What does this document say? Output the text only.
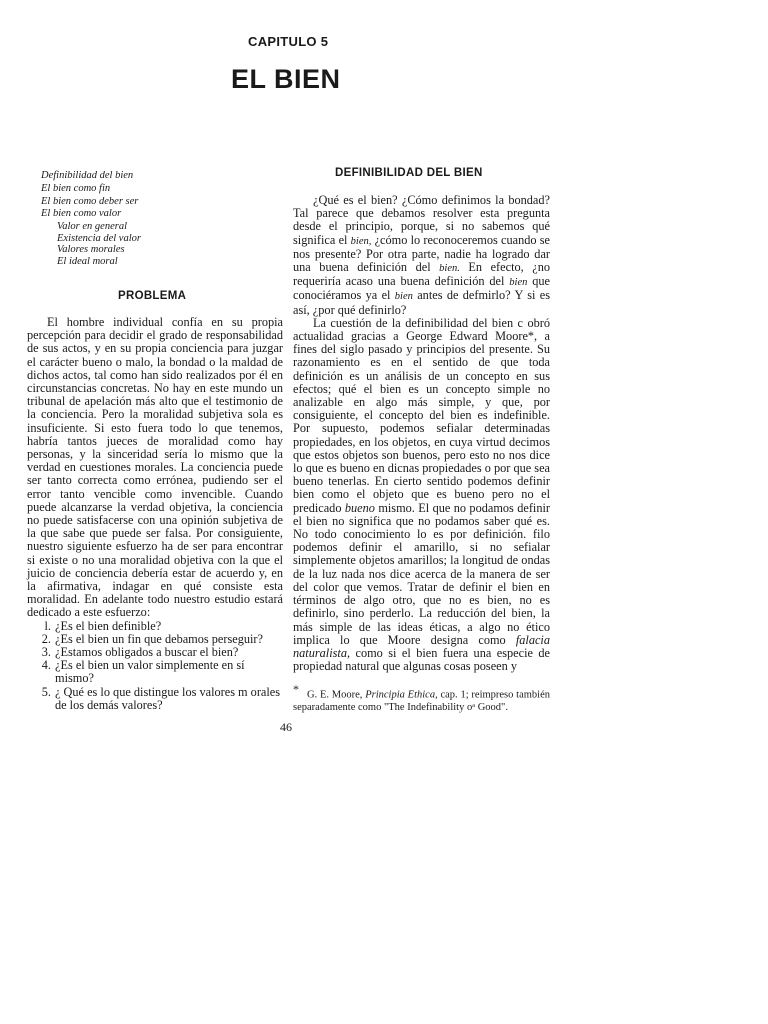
CAPITULO 5
EL BIEN
Definibilidad del bien
El bien como fin
El bien como deber ser
El bien como valor
Valor en general
Existencia del valor
Valores morales
El ideal moral
PROBLEMA

El hombre individual confía en su propia percepción para decidir el grado de responsabilidad de sus actos, y en su propia conciencia para juzgar el carácter bueno o malo, la bondad o la maldad de dichos actos, tal como han sido realizados por él en circunstancias concretas. No hay en este mundo un tribunal de apelación más alto que el testimonio de la conciencia. Pero la moralidad subjetiva sola es insuficiente. Si esto fuera todo lo que tenemos, habría tantos jueces de moralidad como hay personas, y la sinceridad sería lo mismo que la verdad en cuestiones morales. La conciencia puede ser tanto correcta como errónea, pudiendo ser el error tanto vencible como invencible. Cuando puede alcanzarse la verdad objetiva, la conciencia no puede satisfacerse con una opinión subjetiva de la que sabe que puede ser falsa. Por consiguiente, nuestro siguiente esfuerzo ha de ser para encontrar si existe o no una moralidad objetiva con la que el juicio de conciencia debería estar de acuerdo y, en la afirmativa, indagar en qué consiste esta moralidad. En adelante todo nuestro estudio estará dedicado a este esfuerzo:

l. ¿Es el bien definible?
2. ¿Es el bien un fin que debamos perseguir?
3. ¿Estamos obligados a buscar el bien?
4. ¿Es el bien un valor simplemente en sí mismo?
5. ¿ Qué es lo que distingue los valores m orales de los demás valores?
DEFINIBILIDAD DEL BIEN

¿Qué es el bien? ¿Cómo definimos la bondad? Tal parece que debamos resolver esta pregunta desde el principio, porque, si no sabemos qué significa el bien, ¿cómo lo reconoceremos cuando se nos presente? Por otra parte, nadie ha logrado dar una buena definición del bien. En efecto, ¿no requeriría acaso una buena definición del bien que conociéramos ya el bien antes de defmirlo? Y si es así, ¿por qué definirlo?

La cuestión de la definibilidad del bien c obró actualidad gracias a George Edward Moore*, a fines del siglo pasado y principios del presente. Su razonamiento es en el sentido de que toda definición es un análisis de un concepto en sus efectos; qué el bien es un concepto simple no analizable en algo más simple, y que, por consiguiente, el concepto del bien es indefinible. Por supuesto, podemos sefialar determinadas propiedades, en los objetos, en cuya virtud decimos que estos objetos son buenos, pero esto no nos dice lo que es bueno en dicnas propiedades o por que sea bueno tenerlas. En cierto sentido podemos definir bien como el objeto que es bueno pero no el predicado bueno mismo. El que no podamos definir el bien no significa que no podamos saber qué es. No todo conocimiento lo es por definición. filo podemos definir el amarillo, si no sefialar simplemente objetos amarillos; la longitud de ondas de la luz nada nos dice acerca de la manera de ser del color que vemos. Tratar de definir el bien en términos de algo otro, que no es bien, no es definirlo, sino perderlo. La reducción del bien, la más simple de las ideas éticas, a algo no ético implica lo que Moore designa como falacia naturalista, como si el bien fuera una especie de propiedad natural que algunas cosas poseen y

* G. E. Moore, Principia Ethica, cap. 1; reimpreso también separadamente como "The Indefinability oᵃ Good".

46
